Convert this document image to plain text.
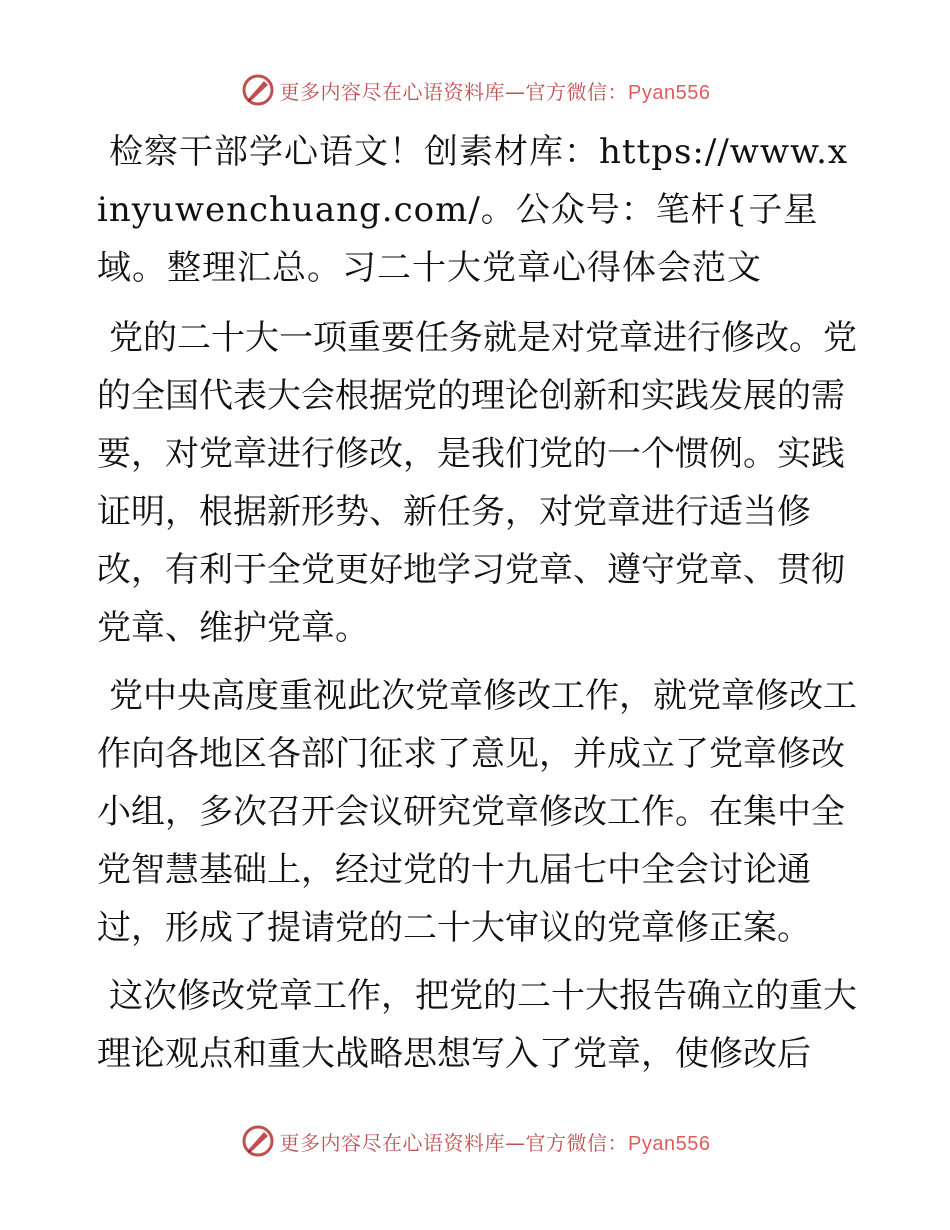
更多内容尽在心语资料库—官方微信：Pyan556

检察干部学心语文！创素材库：https://www.xinyuwenchuang.com/。公众号：笔杆{子星域。整理汇总。习二十大党章心得体会范文

党的二十大一项重要任务就是对党章进行修改。党的全国代表大会根据党的理论创新和实践发展的需要，对党章进行修改，是我们党的一个惯例。实践证明，根据新形势、新任务，对党章进行适当修改，有利于全党更好地学习党章、遵守党章、贯彻党章、维护党章。

党中央高度重视此次党章修改工作，就党章修改工作向各地区各部门征求了意见，并成立了党章修改小组，多次召开会议研究党章修改工作。在集中全党智慧基础上，经过党的十九届七中全会讨论通过，形成了提请党的二十大审议的党章修正案。

这次修改党章工作，把党的二十大报告确立的重大理论观点和重大战略思想写入了党章，使修改后

更多内容尽在心语资料库—官方微信：Pyan556
